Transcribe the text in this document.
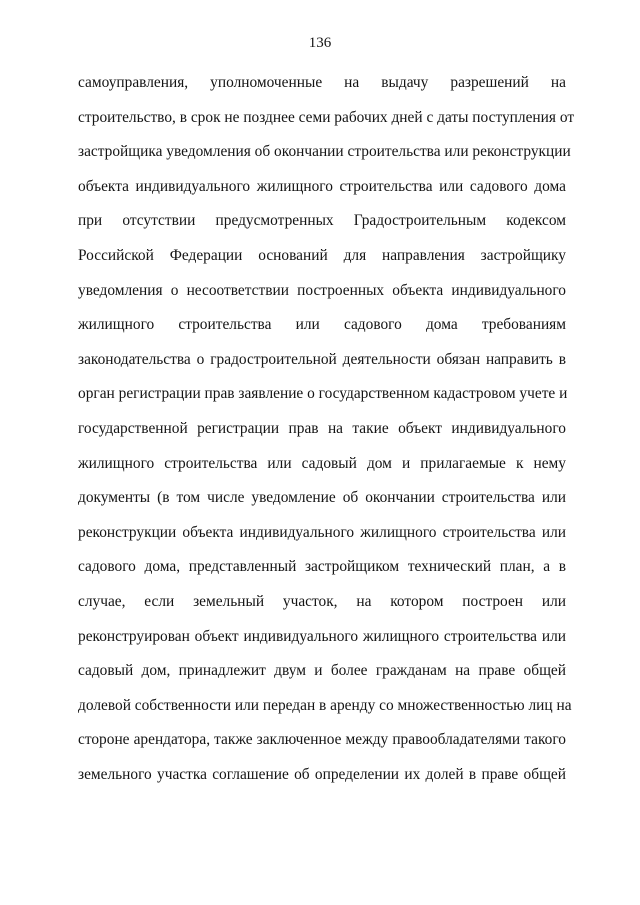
136
самоуправления, уполномоченные на выдачу разрешений на
строительство, в срок не позднее семи рабочих дней с даты поступления от
застройщика уведомления об окончании строительства или реконструкции
объекта индивидуального жилищного строительства или садового дома
при отсутствии предусмотренных Градостроительным кодексом
Российской Федерации оснований для направления застройщику
уведомления о несоответствии построенных объекта индивидуального
жилищного строительства или садового дома требованиям
законодательства о градостроительной деятельности обязан направить в
орган регистрации прав заявление о государственном кадастровом учете и
государственной регистрации прав на такие объект индивидуального
жилищного строительства или садовый дом и прилагаемые к нему
документы (в том числе уведомление об окончании строительства или
реконструкции объекта индивидуального жилищного строительства или
садового дома, представленный застройщиком технический план, а в
случае, если земельный участок, на котором построен или
реконструирован объект индивидуального жилищного строительства или
садовый дом, принадлежит двум и более гражданам на праве общей
долевой собственности или передан в аренду со множественностью лиц на
стороне арендатора, также заключенное между правообладателями такого
земельного участка соглашение об определении их долей в праве общей
